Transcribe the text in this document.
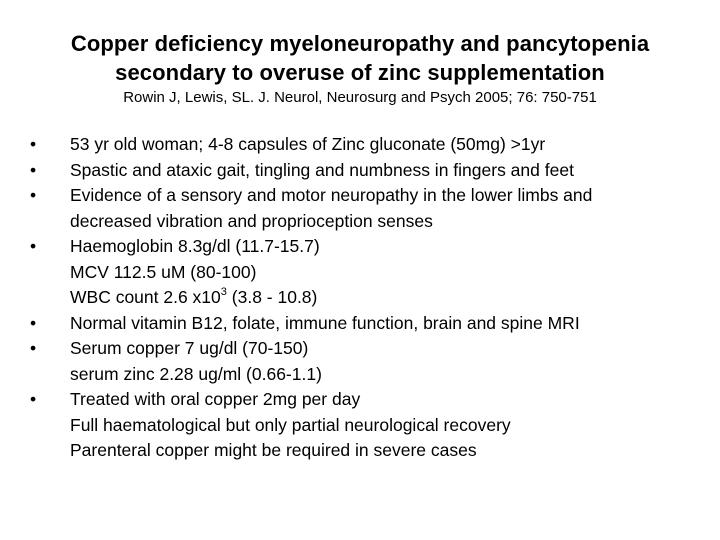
Copper deficiency myeloneuropathy and pancytopenia
secondary to overuse of zinc supplementation
Rowin J, Lewis, SL. J. Neurol, Neurosurg and Psych 2005; 76: 750-751
•	53 yr old woman; 4-8 capsules of Zinc gluconate (50mg) >1yr
•	Spastic and ataxic gait, tingling and numbness in fingers and feet
•	Evidence of a sensory and motor neuropathy in the lower limbs and
decreased vibration and proprioception senses
•	Haemoglobin 8.3g/dl (11.7-15.7)
MCV 112.5 uM (80-100)
WBC count 2.6 $x10^3$ (3.8 - 10.8)
•	Normal vitamin B12, folate, immune function, brain and spine MRI
•	Serum copper 7 ug/dl (70-150)
serum zinc 2.28 ug/ml (0.66-1.1)
•	Treated with oral copper 2mg per day
Full haematological but only partial neurological recovery
Parenteral copper might be required in severe cases
